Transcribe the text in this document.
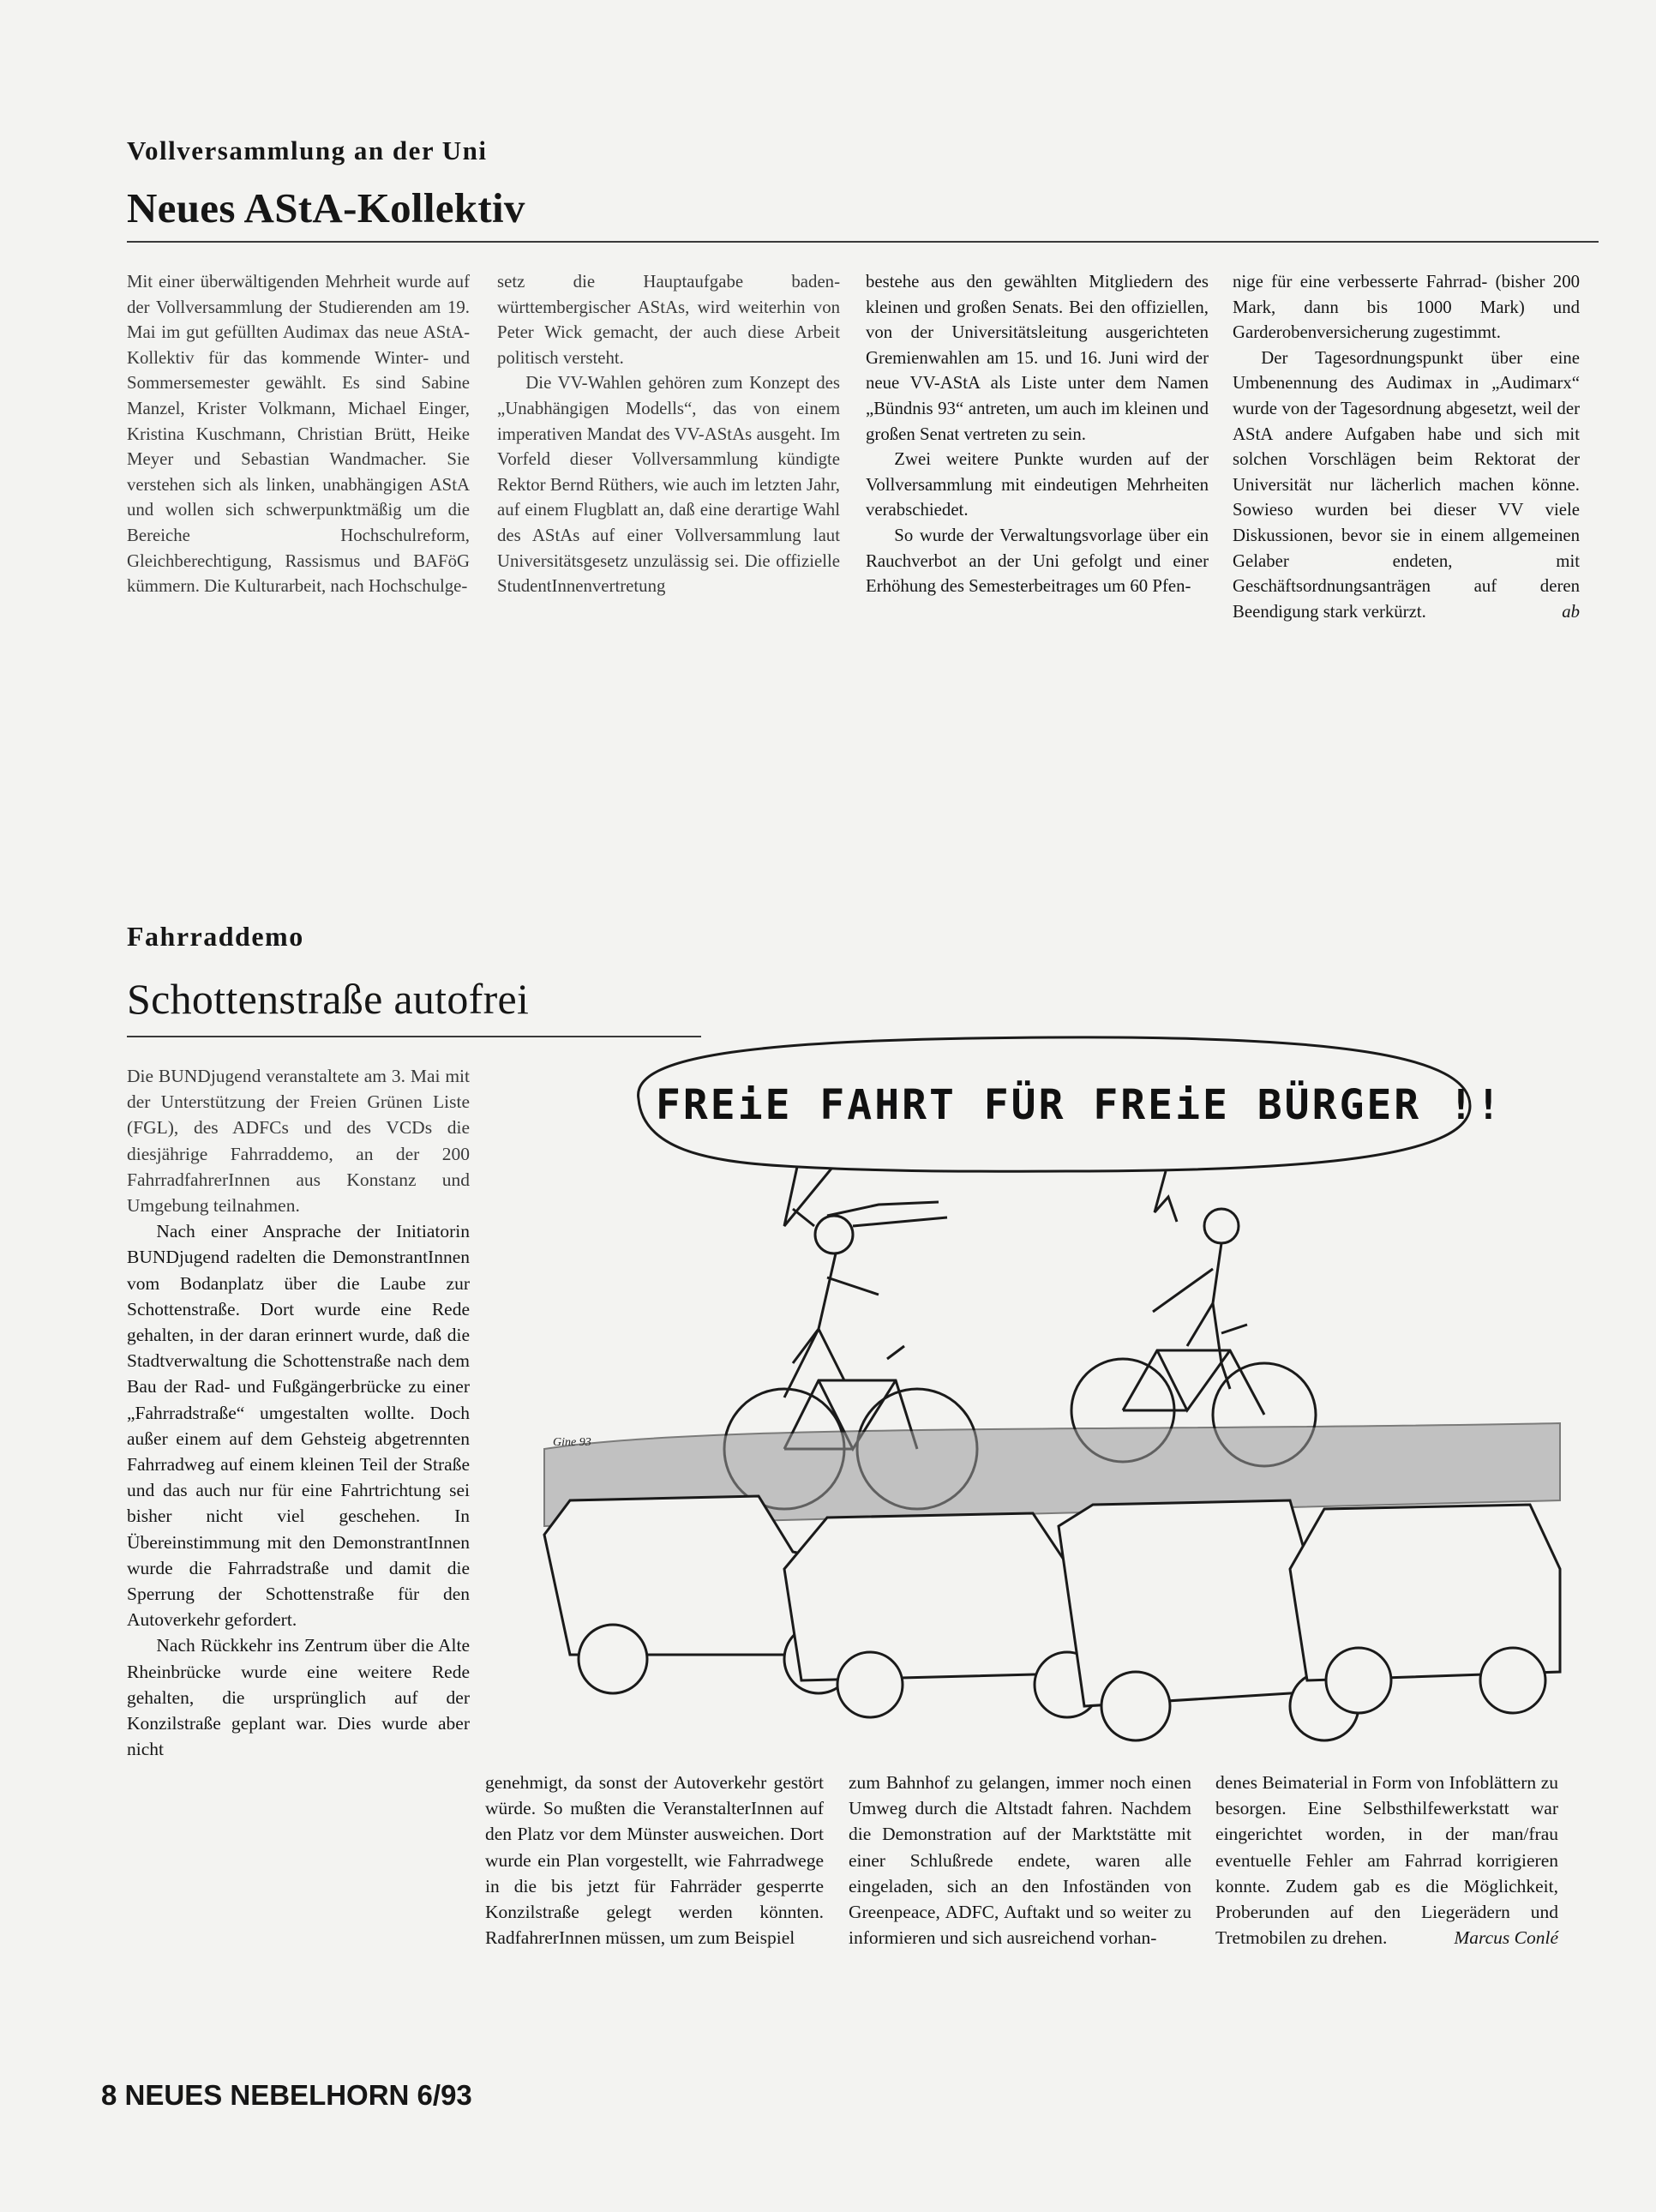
Vollversammlung an der Uni
Neues AStA-Kollektiv

Mit einer überwältigenden Mehrheit wurde auf der Vollversammlung der Studierenden am 19. Mai im gut gefüllten Audimax das neue AStA-Kollektiv für das kommende Winter- und Sommersemester gewählt. Es sind Sabine Manzel, Krister Volkmann, Michael Einger, Kristina Kuschmann, Christian Brütt, Heike Meyer und Sebastian Wandmacher. Sie verstehen sich als linken, unabhängigen AStA und wollen sich schwerpunktmäßig um die Bereiche Hochschulreform, Gleichberechtigung, Rassismus und BAFöG kümmern. Die Kulturarbeit, nach Hochschulge-

setz die Hauptaufgabe baden-württembergischer AStAs, wird weiterhin von Peter Wick gemacht, der auch diese Arbeit politisch versteht.

Die VV-Wahlen gehören zum Konzept des „Unabhängigen Modells“, das von einem imperativen Mandat des VV-AStAs ausgeht. Im Vorfeld dieser Vollversammlung kündigte Rektor Bernd Rüthers, wie auch im letzten Jahr, auf einem Flugblatt an, daß eine derartige Wahl des AStAs auf einer Vollversammlung laut Universitätsgesetz unzulässig sei. Die offizielle StudentInnenvertretung

bestehe aus den gewählten Mitgliedern des kleinen und großen Senats. Bei den offiziellen, von der Universitätsleitung ausgerichteten Gremienwahlen am 15. und 16. Juni wird der neue VV-AStA als Liste unter dem Namen „Bündnis 93“ antreten, um auch im kleinen und großen Senat vertreten zu sein.

Zwei weitere Punkte wurden auf der Vollversammlung mit eindeutigen Mehrheiten verabschiedet.

So wurde der Verwaltungsvorlage über ein Rauchverbot an der Uni gefolgt und einer Erhöhung des Semesterbeitrages um 60 Pfen-

nige für eine verbesserte Fahrrad- (bisher 200 Mark, dann bis 1000 Mark) und Garderobenversicherung zugestimmt.

Der Tagesordnungspunkt über eine Umbenennung des Audimax in „Audimarx“ wurde von der Tagesordnung abgesetzt, weil der AStA andere Aufgaben habe und sich mit solchen Vorschlägen beim Rektorat der Universität nur lächerlich machen könne. Sowieso wurden bei dieser VV viele Diskussionen, bevor sie in einem allgemeinen Gelaber endeten, mit Geschäftsordnungsanträgen auf deren Beendigung stark verkürzt.	ab

Fahrraddemo
Schottenstraße autofrei

Die BUNDjugend veranstaltete am 3. Mai mit der Unterstützung der Freien Grünen Liste (FGL), des ADFCs und des VCDs die diesjährige Fahrraddemo, an der 200 FahrradfahrerInnen aus Konstanz und Umgebung teilnahmen.

Nach einer Ansprache der Initiatorin BUNDjugend radelten die DemonstrantInnen vom Bodanplatz über die Laube zur Schottenstraße. Dort wurde eine Rede gehalten, in der daran erinnert wurde, daß die Stadtverwaltung die Schottenstraße nach dem Bau der Rad- und Fußgängerbrücke zu einer „Fahrradstraße“ umgestalten wollte. Doch außer einem auf dem Gehsteig abgetrennten Fahrradweg auf einem kleinen Teil der Straße und das auch nur für eine Fahrtrichtung sei bisher nicht viel geschehen. In Übereinstimmung mit den DemonstrantInnen wurde die Fahrradstraße und damit die Sperrung der Schottenstraße für den Autoverkehr gefordert.

Nach Rückkehr ins Zentrum über die Alte Rheinbrücke wurde eine weitere Rede gehalten, die ursprünglich auf der Konzilstraße geplant war. Dies wurde aber nicht

FREiE FAHRT FÜR FREiE BÜRGER !!
Gine 93

genehmigt, da sonst der Autoverkehr gestört würde. So mußten die VeranstalterInnen auf den Platz vor dem Münster ausweichen. Dort wurde ein Plan vorgestellt, wie Fahrradwege in die bis jetzt für Fahrräder gesperrte Konzilstraße gelegt werden könnten. RadfahrerInnen müssen, um zum Beispiel

zum Bahnhof zu gelangen, immer noch einen Umweg durch die Altstadt fahren. Nachdem die Demonstration auf der Marktstätte mit einer Schlußrede endete, waren alle eingeladen, sich an den Infoständen von Greenpeace, ADFC, Auftakt und so weiter zu informieren und sich ausreichend vorhan-

denes Beimaterial in Form von Infoblättern zu besorgen. Eine Selbsthilfewerkstatt war eingerichtet worden, in der man/frau eventuelle Fehler am Fahrrad korrigieren konnte. Zudem gab es die Möglichkeit, Proberunden auf den Liegerädern und Tretmobilen zu drehen.	Marcus Conlé

8 NEUES NEBELHORN 6/93
